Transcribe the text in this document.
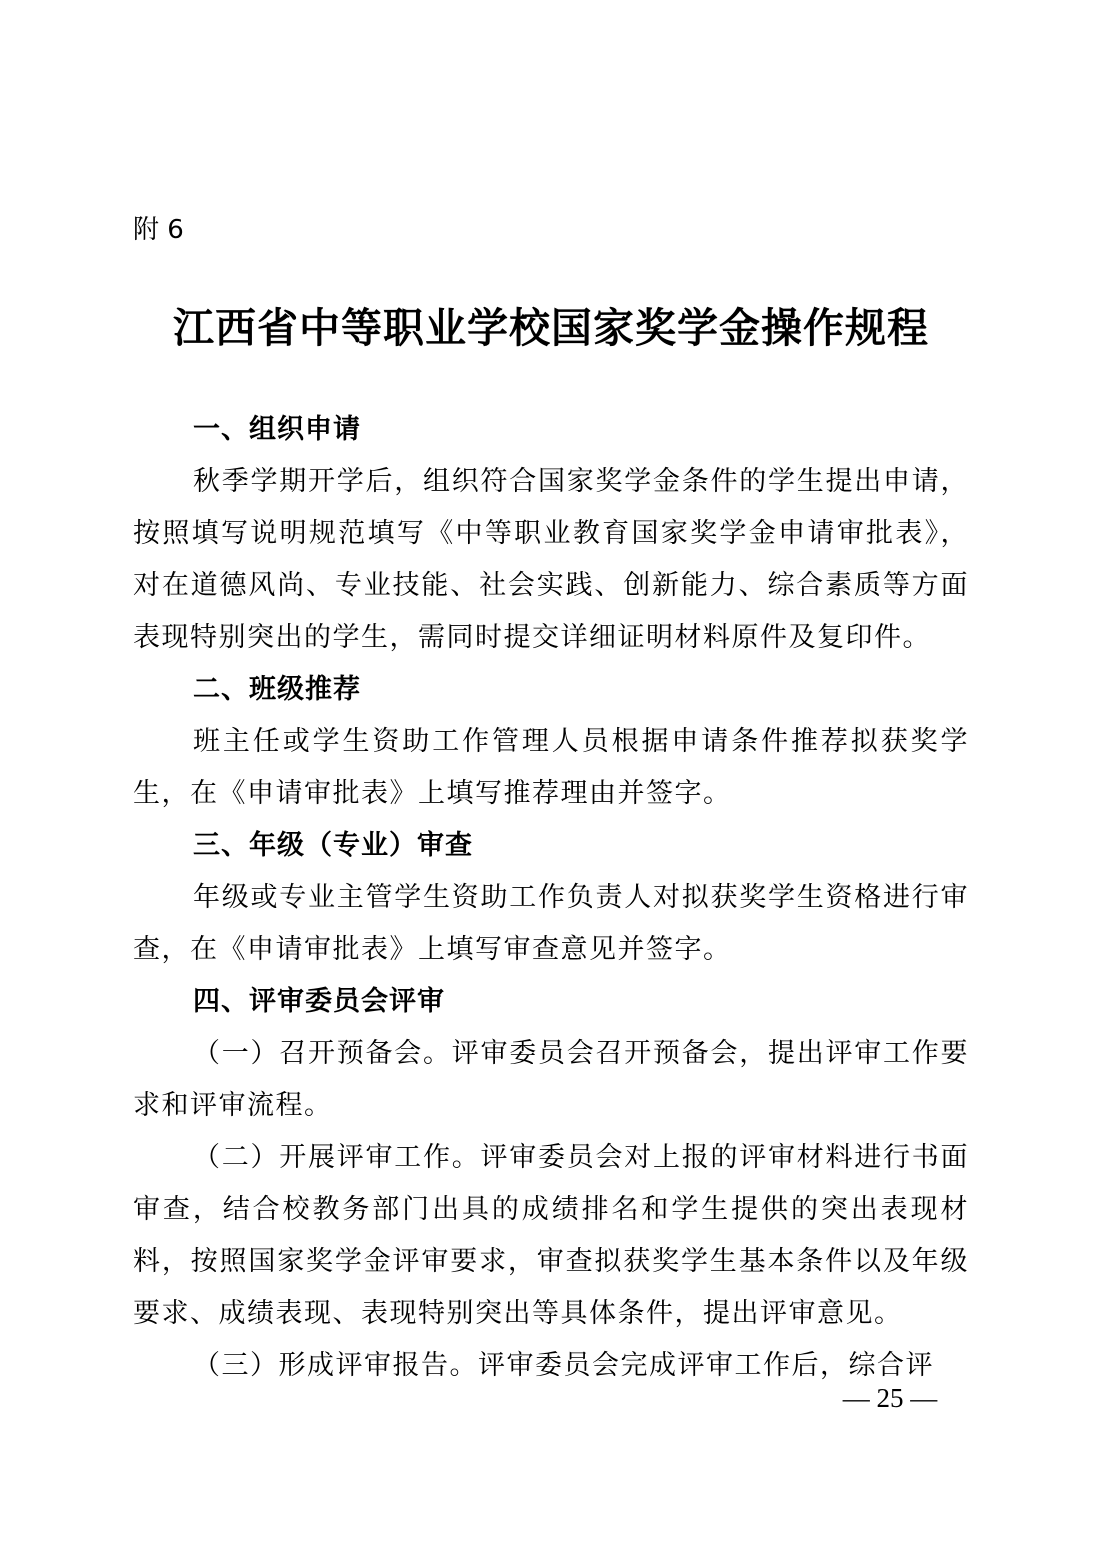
附 6
江西省中等职业学校国家奖学金操作规程

一、组织申请

秋季学期开学后，组织符合国家奖学金条件的学生提出申请，按照填写说明规范填写《中等职业教育国家奖学金申请审批表》，对在道德风尚、专业技能、社会实践、创新能力、综合素质等方面表现特别突出的学生，需同时提交详细证明材料原件及复印件。

二、班级推荐

班主任或学生资助工作管理人员根据申请条件推荐拟获奖学生，在《申请审批表》上填写推荐理由并签字。

三、年级（专业）审查

年级或专业主管学生资助工作负责人对拟获奖学生资格进行审查，在《申请审批表》上填写审查意见并签字。

四、评审委员会评审

（一）召开预备会。评审委员会召开预备会，提出评审工作要求和评审流程。

（二）开展评审工作。评审委员会对上报的评审材料进行书面审查，结合校教务部门出具的成绩排名和学生提供的突出表现材料，按照国家奖学金评审要求，审查拟获奖学生基本条件以及年级要求、成绩表现、表现特别突出等具体条件，提出评审意见。

（三）形成评审报告。评审委员会完成评审工作后，综合评

— 25 —
